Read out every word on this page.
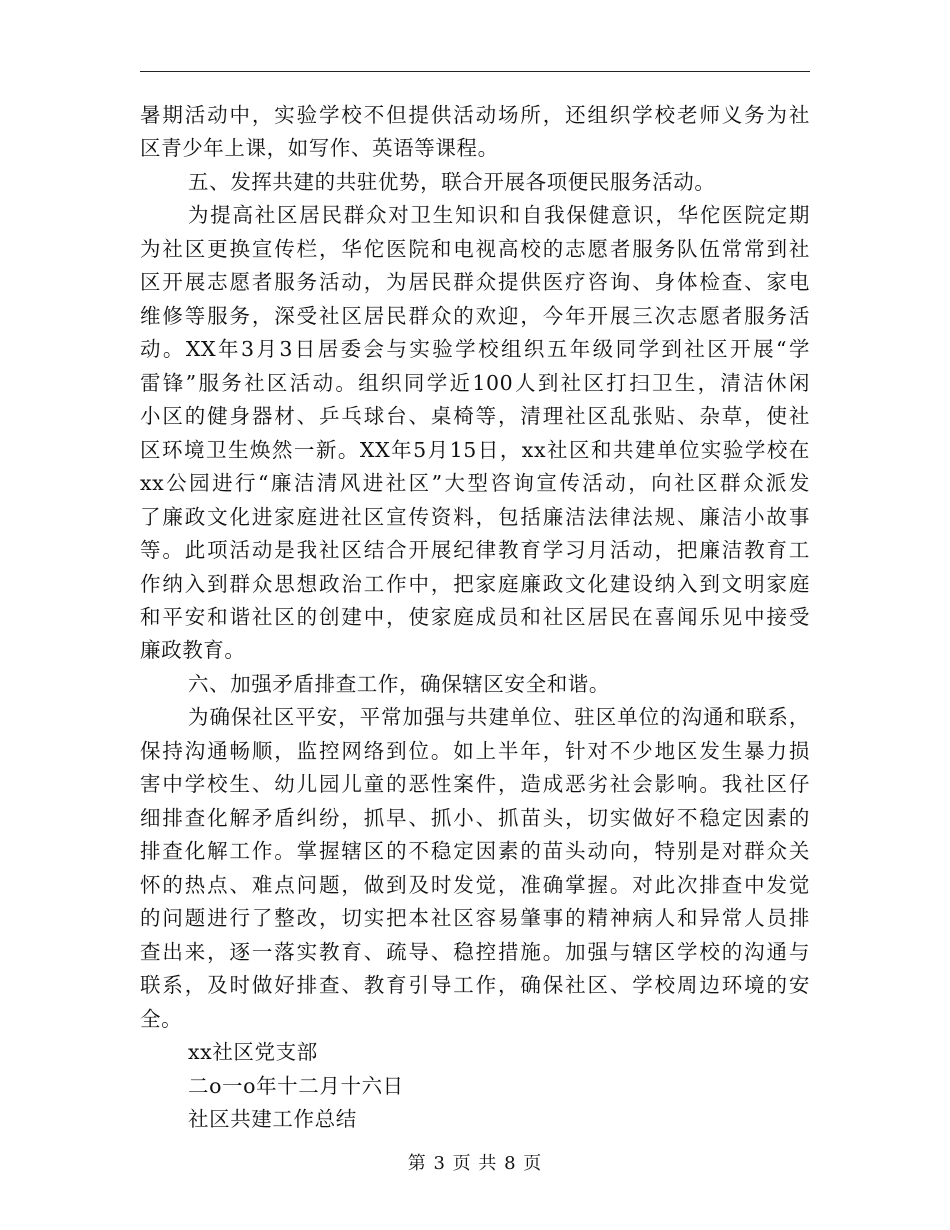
暑期活动中，实验学校不但提供活动场所，还组织学校老师义务为社
区青少年上课，如写作、英语等课程。
五、发挥共建的共驻优势，联合开展各项便民服务活动。
为提高社区居民群众对卫生知识和自我保健意识，华佗医院定期
为社区更换宣传栏，华佗医院和电视高校的志愿者服务队伍常常到社
区开展志愿者服务活动，为居民群众提供医疗咨询、身体检查、家电
维修等服务，深受社区居民群众的欢迎，今年开展三次志愿者服务活
动。XX年3月3日居委会与实验学校组织五年级同学到社区开展“学
雷锋”服务社区活动。组织同学近100人到社区打扫卫生，清洁休闲
小区的健身器材、乒乓球台、桌椅等，清理社区乱张贴、杂草，使社
区环境卫生焕然一新。XX年5月15日，xx社区和共建单位实验学校在
xx公园进行“廉洁清风进社区”大型咨询宣传活动，向社区群众派发
了廉政文化进家庭进社区宣传资料，包括廉洁法律法规、廉洁小故事
等。此项活动是我社区结合开展纪律教育学习月活动，把廉洁教育工
作纳入到群众思想政治工作中，把家庭廉政文化建设纳入到文明家庭
和平安和谐社区的创建中，使家庭成员和社区居民在喜闻乐见中接受
廉政教育。
六、加强矛盾排查工作，确保辖区安全和谐。
为确保社区平安，平常加强与共建单位、驻区单位的沟通和联系，
保持沟通畅顺，监控网络到位。如上半年，针对不少地区发生暴力损
害中学校生、幼儿园儿童的恶性案件，造成恶劣社会影响。我社区仔
细排查化解矛盾纠纷，抓早、抓小、抓苗头，切实做好不稳定因素的
排查化解工作。掌握辖区的不稳定因素的苗头动向，特别是对群众关
怀的热点、难点问题，做到及时发觉，准确掌握。对此次排查中发觉
的问题进行了整改，切实把本社区容易肇事的精神病人和异常人员排
查出来，逐一落实教育、疏导、稳控措施。加强与辖区学校的沟通与
联系，及时做好排查、教育引导工作，确保社区、学校周边环境的安
全。
xx社区党支部
二o一o年十二月十六日
社区共建工作总结
第 3 页 共 8 页
